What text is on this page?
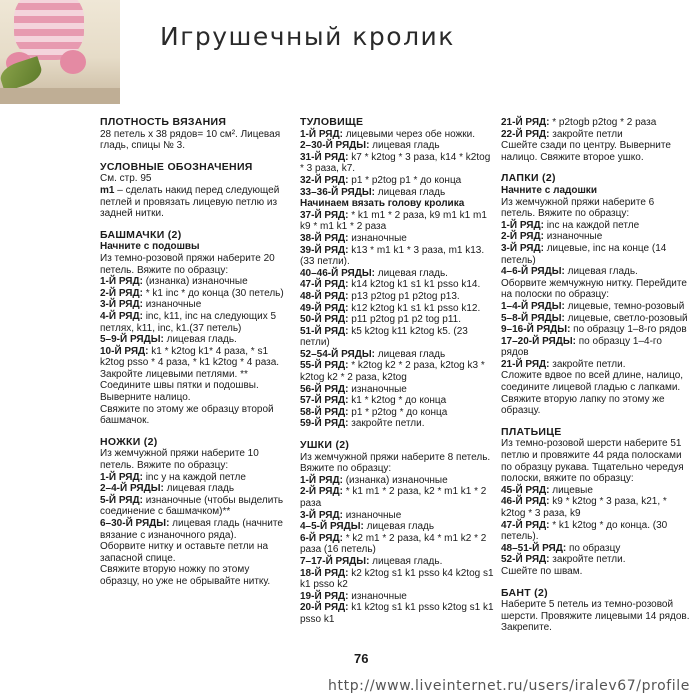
Игрушечный кролик

ПЛОТНОСТЬ ВЯЗАНИЯ

28 петель х 38 рядов= 10 см². Лицевая гладь, спицы № 3.

УСЛОВНЫЕ ОБОЗНАЧЕНИЯ

См. стр. 95

m1 – сделать накид перед следующей петлей и провязать лицевую петлю из задней нитки.

БАШМАЧКИ (2)

Начните с подошвы

Из темно-розовой пряжи наберите 20 петель. Вяжите по образцу:

1-Й РЯД: (изнанка) изнаночные

2-Й РЯД: * k1 inc * до конца (30 петель)

3-Й РЯД: изнаночные

4-Й РЯД: inc, k11, inc на следующих 5 петлях, k11, inc, k1.(37 петель)

5–9-Й РЯДЫ: лицевая гладь.

10-Й РЯД: k1 * k2tog k1* 4 раза, * s1 k2tog psso * 4 раза, * k1 k2tog * 4 раза.

Закройте лицевыми петлями. ** Соедините швы пятки и подошвы. Выверните налицо.

Свяжите по этому же образцу второй башмачок.

НОЖКИ (2)

Из жемчужной пряжи наберите 10 петель. Вяжите по образцу:

1-Й РЯД: inc у на каждой петле

2–4-Й РЯДЫ: лицевая гладь

5-Й РЯД: изнаночные (чтобы выделить соединение с башмачком)**

6–30-Й РЯДЫ: лицевая гладь (начните вязание с изнаночного ряда).

Оборвите нитку и оставьте петли на запасной спице.

Свяжите вторую ножку по этому образцу, но уже не обрывайте нитку.

ТУЛОВИЩЕ

1-Й РЯД: лицевыми через обе ножки.

2–30-Й РЯДЫ: лицевая гладь

31-Й РЯД: k7 * k2tog * 3 раза, k14 * k2tog * 3 раза, k7.

32-Й РЯД: p1 * p2tog p1 * до конца

33–36-Й РЯДЫ: лицевая гладь

Начинаем вязать голову кролика

37-Й РЯД: * k1 m1 * 2 раза, k9 m1 k1 m1 k9 * m1 k1 * 2 раза

38-Й РЯД: изнаночные

39-Й РЯД: k13 * m1 k1 * 3 раза, m1 k13. (33 петли).

40–46-Й РЯДЫ: лицевая гладь.

47-Й РЯД: k14 k2tog k1 s1 k1 psso k14.

48-Й РЯД: p13 p2tog p1 p2tog p13.

49-Й РЯД: k12 k2tog k1 s1 k1 psso k12.

50-Й РЯД: p11 p2tog p1 p2 tog p11.

51-Й РЯД: k5 k2tog k11 k2tog k5. (23 петли)

52–54-Й РЯДЫ: лицевая гладь

55-Й РЯД: * k2tog k2 * 2 раза, k2tog k3 * k2tog k2 * 2 раза, k2tog

56-Й РЯД: изнаночные

57-Й РЯД: k1 * k2tog * до конца

58-Й РЯД: p1 * p2tog * до конца

59-Й РЯД: закройте петли.

УШКИ (2)

Из жемчужной пряжи наберите 8 петель. Вяжите по образцу:

1-Й РЯД: (изнанка) изнаночные

2-Й РЯД: * k1 m1 * 2 раза, k2 * m1 k1 * 2 раза

3-Й РЯД: изнаночные

4–5-Й РЯДЫ: лицевая гладь

6-Й РЯД: * k2 m1 * 2 раза, k4 * m1 k2 * 2 раза (16 петель)

7–17-Й РЯДЫ: лицевая гладь.

18-Й РЯД: k2 k2tog s1 k1 psso k4 k2tog s1 k1 psso k2

19-Й РЯД: изнаночные

20-Й РЯД: k1 k2tog s1 k1 psso k2tog s1 k1 psso k1

21-Й РЯД: * p2togb p2tog * 2 раза

22-Й РЯД: закройте петли

Сшейте сзади по центру. Выверните налицо. Свяжите второе ушко.

ЛАПКИ (2)

Начните с ладошки

Из жемчужной пряжи наберите 6 петель. Вяжите по образцу:

1-Й РЯД: inc на каждой петле

2-Й РЯД: изнаночные

3-Й РЯД: лицевые, inc на конце (14 петель)

4–6-Й РЯДЫ: лицевая гладь.

Оборвите жемчужную нитку. Перейдите на полоски по образцу:

1–4-Й РЯДЫ: лицевые, темно-розовый

5–8-Й РЯДЫ: лицевые, светло-розовый

9–16-Й РЯДЫ: по образцу 1–8-го рядов

17–20-Й РЯДЫ: по образцу 1–4-го рядов

21-Й РЯД: закройте петли.

Сложите вдвое по всей длине, налицо, соедините лицевой гладью с лапками.

Свяжите вторую лапку по этому же образцу.

ПЛАТЬИЦЕ

Из темно-розовой шерсти наберите 51 петлю и провяжите 44 ряда полосками по образцу рукава. Тщательно чередуя полоски, вяжите по образцу:

45-Й РЯД: лицевые

46-Й РЯД: k9 * k2tog * 3 раза, k21, * k2tog * 3 раза, k9

47-Й РЯД: * k1 k2tog * до конца. (30 петель).

48–51-Й РЯД: по образцу

52-Й РЯД: закройте петли.

Сшейте по швам.

БАНТ (2)

Наберите 5 петель из темно-розовой шерсти. Провяжите лицевыми 14 рядов. Закрепите.

76
http://www.liveinternet.ru/users/iralev67/profile
